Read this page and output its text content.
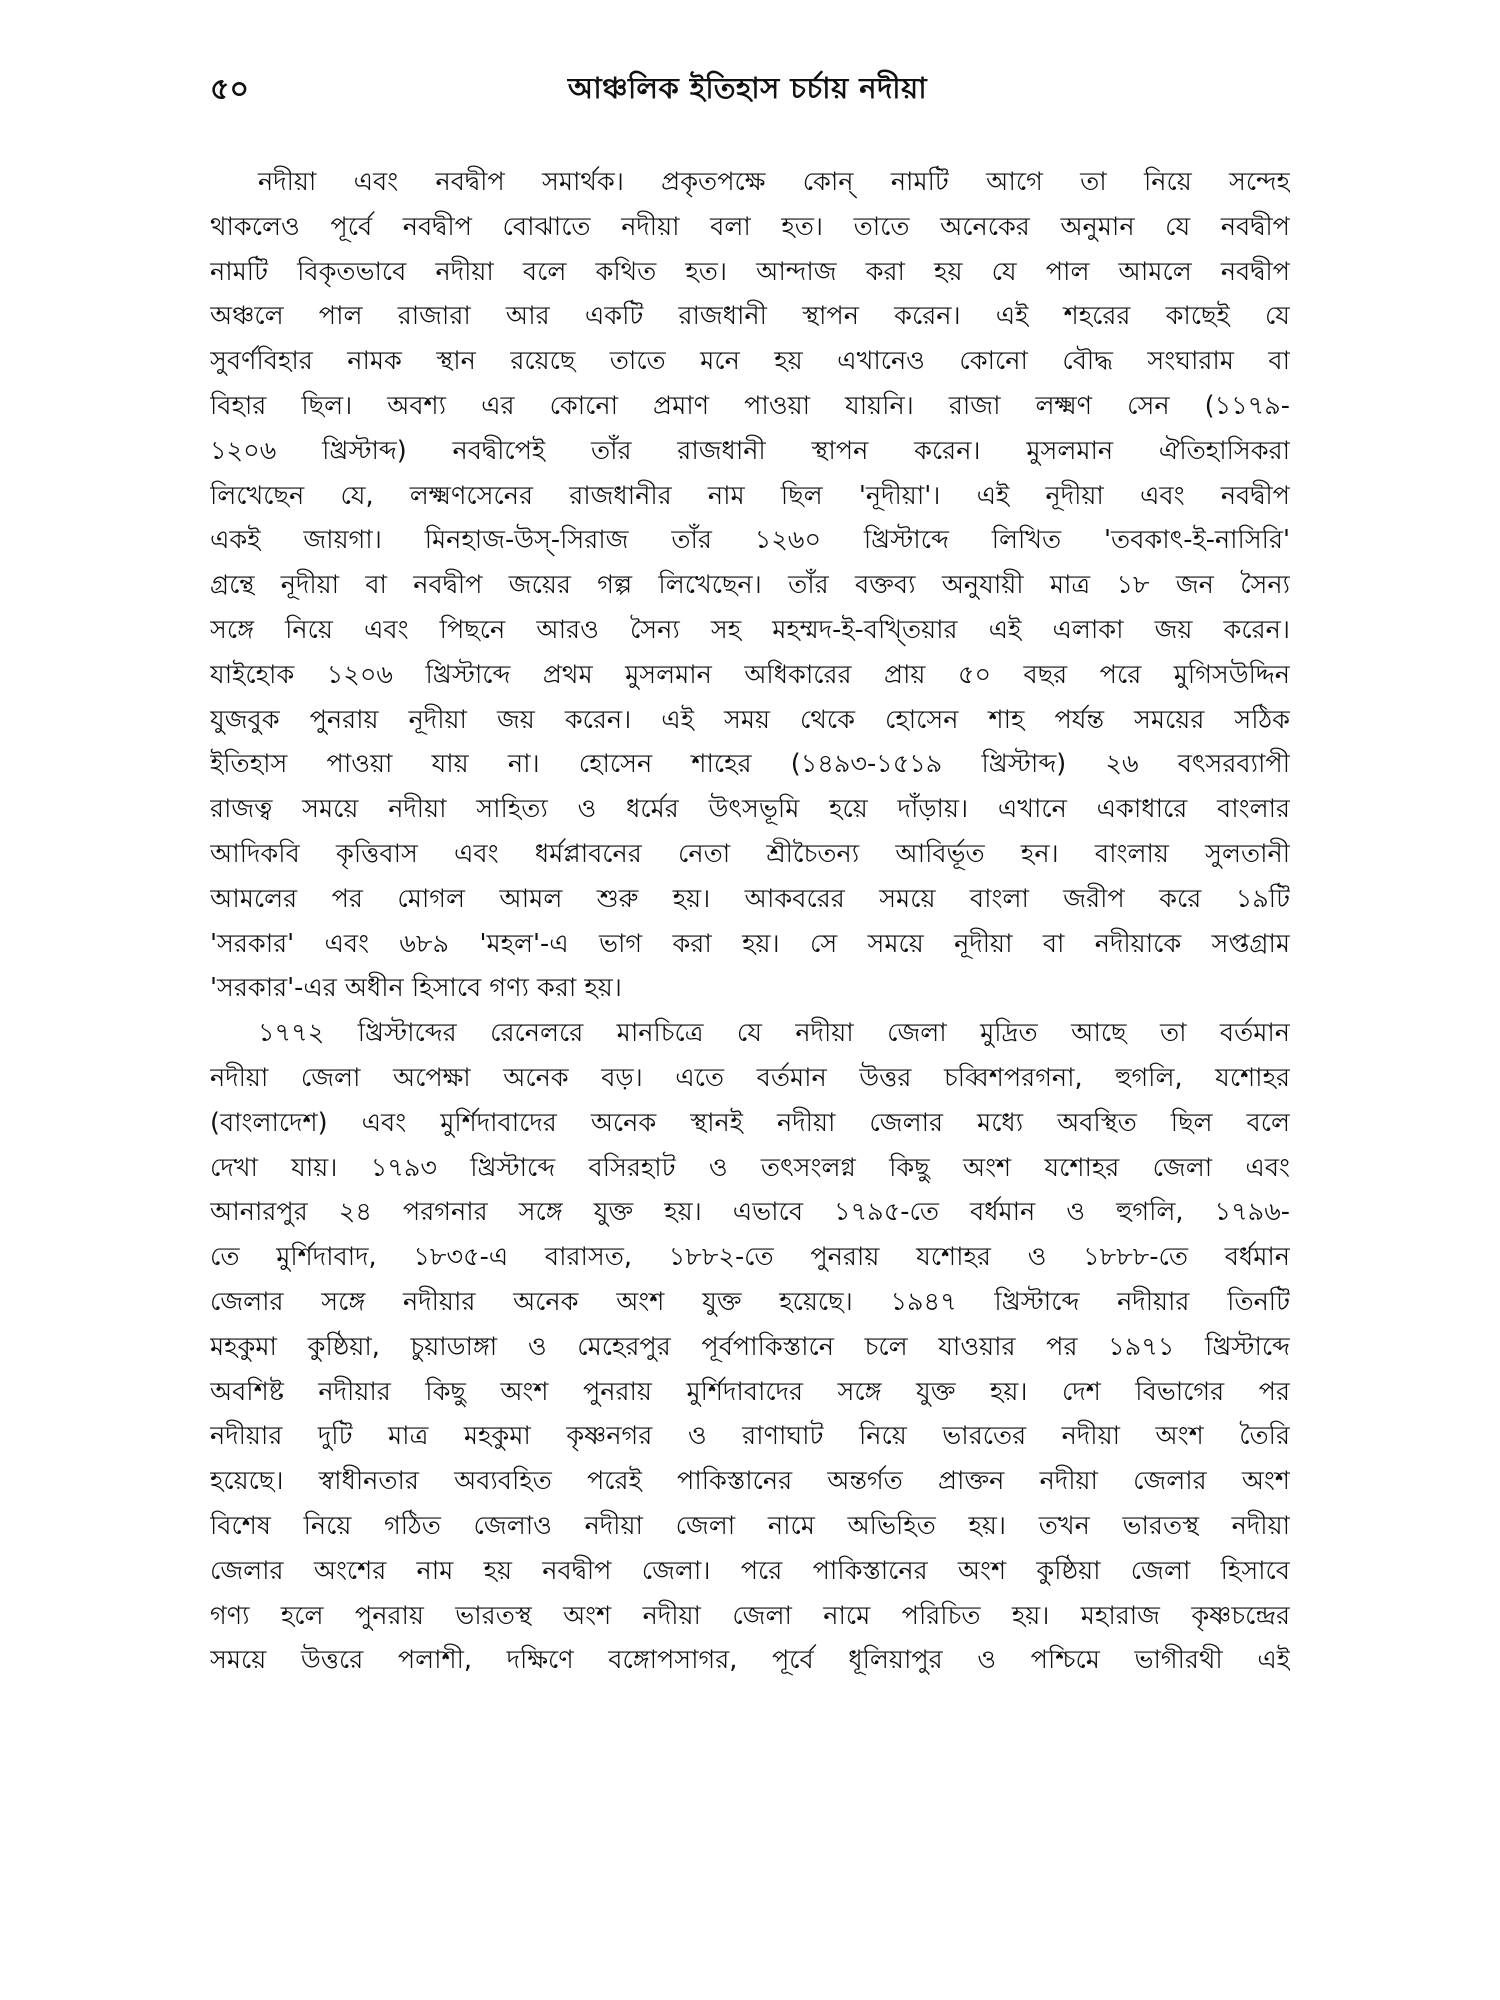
৫০	আঞ্চলিক ইতিহাস চর্চায় নদীয়া

নদীয়া এবং নবদ্বীপ সমার্থক। প্রকৃতপক্ষে কোন্ নামটি আগে তা নিয়ে সন্দেহ

থাকলেও পূর্বে নবদ্বীপ বোঝাতে নদীয়া বলা হত। তাতে অনেকের অনুমান যে নবদ্বীপ

নামটি বিকৃতভাবে নদীয়া বলে কথিত হত। আন্দাজ করা হয় যে পাল আমলে নবদ্বীপ

অঞ্চলে পাল রাজারা আর একটি রাজধানী স্থাপন করেন। এই শহরের কাছেই যে

সুবর্ণবিহার নামক স্থান রয়েছে তাতে মনে হয় এখানেও কোনো বৌদ্ধ সংঘারাম বা

বিহার ছিল। অবশ্য এর কোনো প্রমাণ পাওয়া যায়নি। রাজা লক্ষ্মণ সেন (১১৭৯-

১২০৬ খ্রিস্টাব্দ) নবদ্বীপেই তাঁর রাজধানী স্থাপন করেন। মুসলমান ঐতিহাসিকরা

লিখেছেন যে, লক্ষ্মণসেনের রাজধানীর নাম ছিল 'নূদীয়া'। এই নূদীয়া এবং নবদ্বীপ

একই জায়গা। মিনহাজ-উস্-সিরাজ তাঁর ১২৬০ খ্রিস্টাব্দে লিখিত 'তবকাৎ-ই-নাসিরি'

গ্রন্থে নূদীয়া বা নবদ্বীপ জয়ের গল্প লিখেছেন। তাঁর বক্তব্য অনুযায়ী মাত্র ১৮ জন সৈন্য

সঙ্গে নিয়ে এবং পিছনে আরও সৈন্য সহ মহম্মদ-ই-বখ্তিয়ার এই এলাকা জয় করেন।

যাইহোক ১২০৬ খ্রিস্টাব্দে প্রথম মুসলমান অধিকারের প্রায় ৫০ বছর পরে মুগিসউদ্দিন

যুজবুক পুনরায় নূদীয়া জয় করেন। এই সময় থেকে হোসেন শাহ পর্যন্ত সময়ের সঠিক

ইতিহাস পাওয়া যায় না। হোসেন শাহের (১৪৯৩-১৫১৯ খ্রিস্টাব্দ) ২৬ বৎসরব্যাপী

রাজত্ব সময়ে নদীয়া সাহিত্য ও ধর্মের উৎসভূমি হয়ে দাঁড়ায়। এখানে একাধারে বাংলার

আদিকবি কৃত্তিবাস এবং ধর্মপ্লাবনের নেতা শ্রীচৈতন্য আবির্ভূত হন। বাংলায় সুলতানী

আমলের পর মোগল আমল শুরু হয়। আকবরের সময়ে বাংলা জরীপ করে ১৯টি

'সরকার' এবং ৬৮৯ 'মহল'-এ ভাগ করা হয়। সে সময়ে নূদীয়া বা নদীয়াকে সপ্তগ্রাম

'সরকার'-এর অধীন হিসাবে গণ্য করা হয়।

১৭৭২ খ্রিস্টাব্দের রেনেলরে মানচিত্রে যে নদীয়া জেলা মুদ্রিত আছে তা বর্তমান

নদীয়া জেলা অপেক্ষা অনেক বড়। এতে বর্তমান উত্তর চব্বিশপরগনা, হুগলি, যশোহর

(বাংলাদেশ) এবং মুর্শিদাবাদের অনেক স্থানই নদীয়া জেলার মধ্যে অবস্থিত ছিল বলে

দেখা যায়। ১৭৯৩ খ্রিস্টাব্দে বসিরহাট ও তৎসংলগ্ন কিছু অংশ যশোহর জেলা এবং

আনারপুর ২৪ পরগনার সঙ্গে যুক্ত হয়। এভাবে ১৭৯৫-তে বর্ধমান ও হুগলি, ১৭৯৬-

তে মুর্শিদাবাদ, ১৮৩৫-এ বারাসত, ১৮৮২-তে পুনরায় যশোহর ও ১৮৮৮-তে বর্ধমান

জেলার সঙ্গে নদীয়ার অনেক অংশ যুক্ত হয়েছে। ১৯৪৭ খ্রিস্টাব্দে নদীয়ার তিনটি

মহকুমা কুষ্ঠিয়া, চুয়াডাঙ্গা ও মেহেরপুর পূর্বপাকিস্তানে চলে যাওয়ার পর ১৯৭১ খ্রিস্টাব্দে

অবশিষ্ট নদীয়ার কিছু অংশ পুনরায় মুর্শিদাবাদের সঙ্গে যুক্ত হয়। দেশ বিভাগের পর

নদীয়ার দুটি মাত্র মহকুমা কৃষ্ণনগর ও রাণাঘাট নিয়ে ভারতের নদীয়া অংশ তৈরি

হয়েছে। স্বাধীনতার অব্যবহিত পরেই পাকিস্তানের অন্তর্গত প্রাক্তন নদীয়া জেলার অংশ

বিশেষ নিয়ে গঠিত জেলাও নদীয়া জেলা নামে অভিহিত হয়। তখন ভারতস্থ নদীয়া

জেলার অংশের নাম হয় নবদ্বীপ জেলা। পরে পাকিস্তানের অংশ কুষ্ঠিয়া জেলা হিসাবে

গণ্য হলে পুনরায় ভারতস্থ অংশ নদীয়া জেলা নামে পরিচিত হয়। মহারাজ কৃষ্ণচন্দ্রের

সময়ে উত্তরে পলাশী, দক্ষিণে বঙ্গোপসাগর, পূর্বে ধূলিয়াপুর ও পশ্চিমে ভাগীরথী এই
